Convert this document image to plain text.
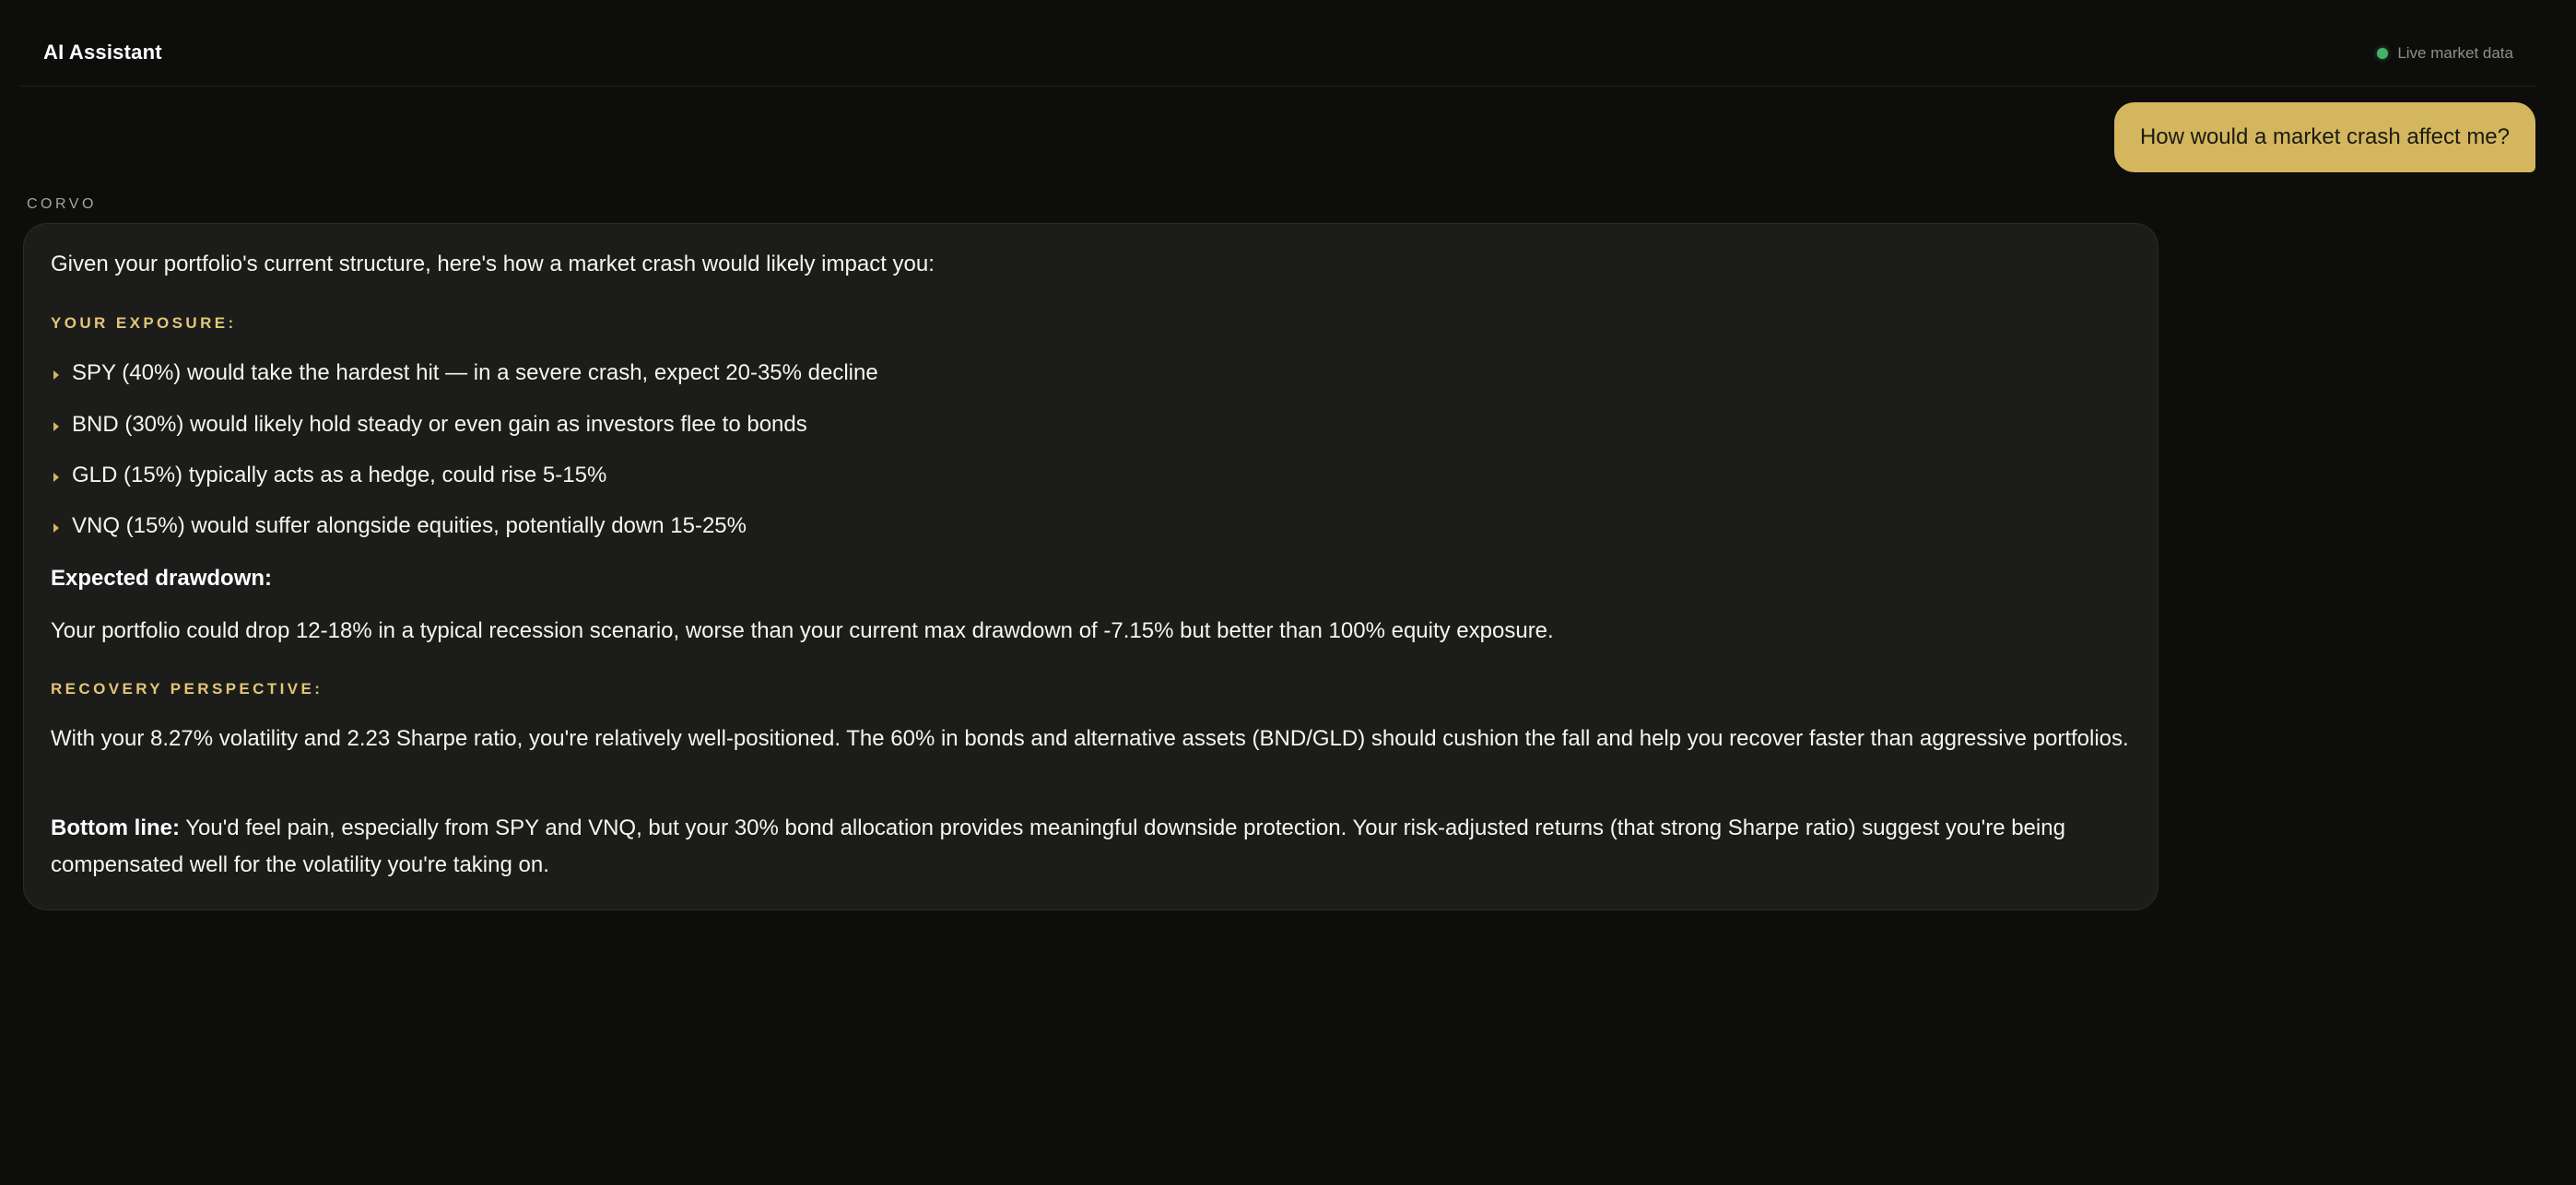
AI Assistant	Live market data
How would a market crash affect me?
CORVO
Given your portfolio's current structure, here's how a market crash would likely impact you:
YOUR EXPOSURE:
SPY (40%) would take the hardest hit — in a severe crash, expect 20-35% decline
BND (30%) would likely hold steady or even gain as investors flee to bonds
GLD (15%) typically acts as a hedge, could rise 5-15%
VNQ (15%) would suffer alongside equities, potentially down 15-25%
Expected drawdown:
Your portfolio could drop 12-18% in a typical recession scenario, worse than your current max drawdown of -7.15% but better than 100% equity exposure.
RECOVERY PERSPECTIVE:
With your 8.27% volatility and 2.23 Sharpe ratio, you're relatively well-positioned. The 60% in bonds and alternative assets (BND/GLD) should cushion the fall and help you recover faster than aggressive portfolios.
Bottom line: You'd feel pain, especially from SPY and VNQ, but your 30% bond allocation provides meaningful downside protection. Your risk-adjusted returns (that strong Sharpe ratio) suggest you're being compensated well for the volatility you're taking on.
